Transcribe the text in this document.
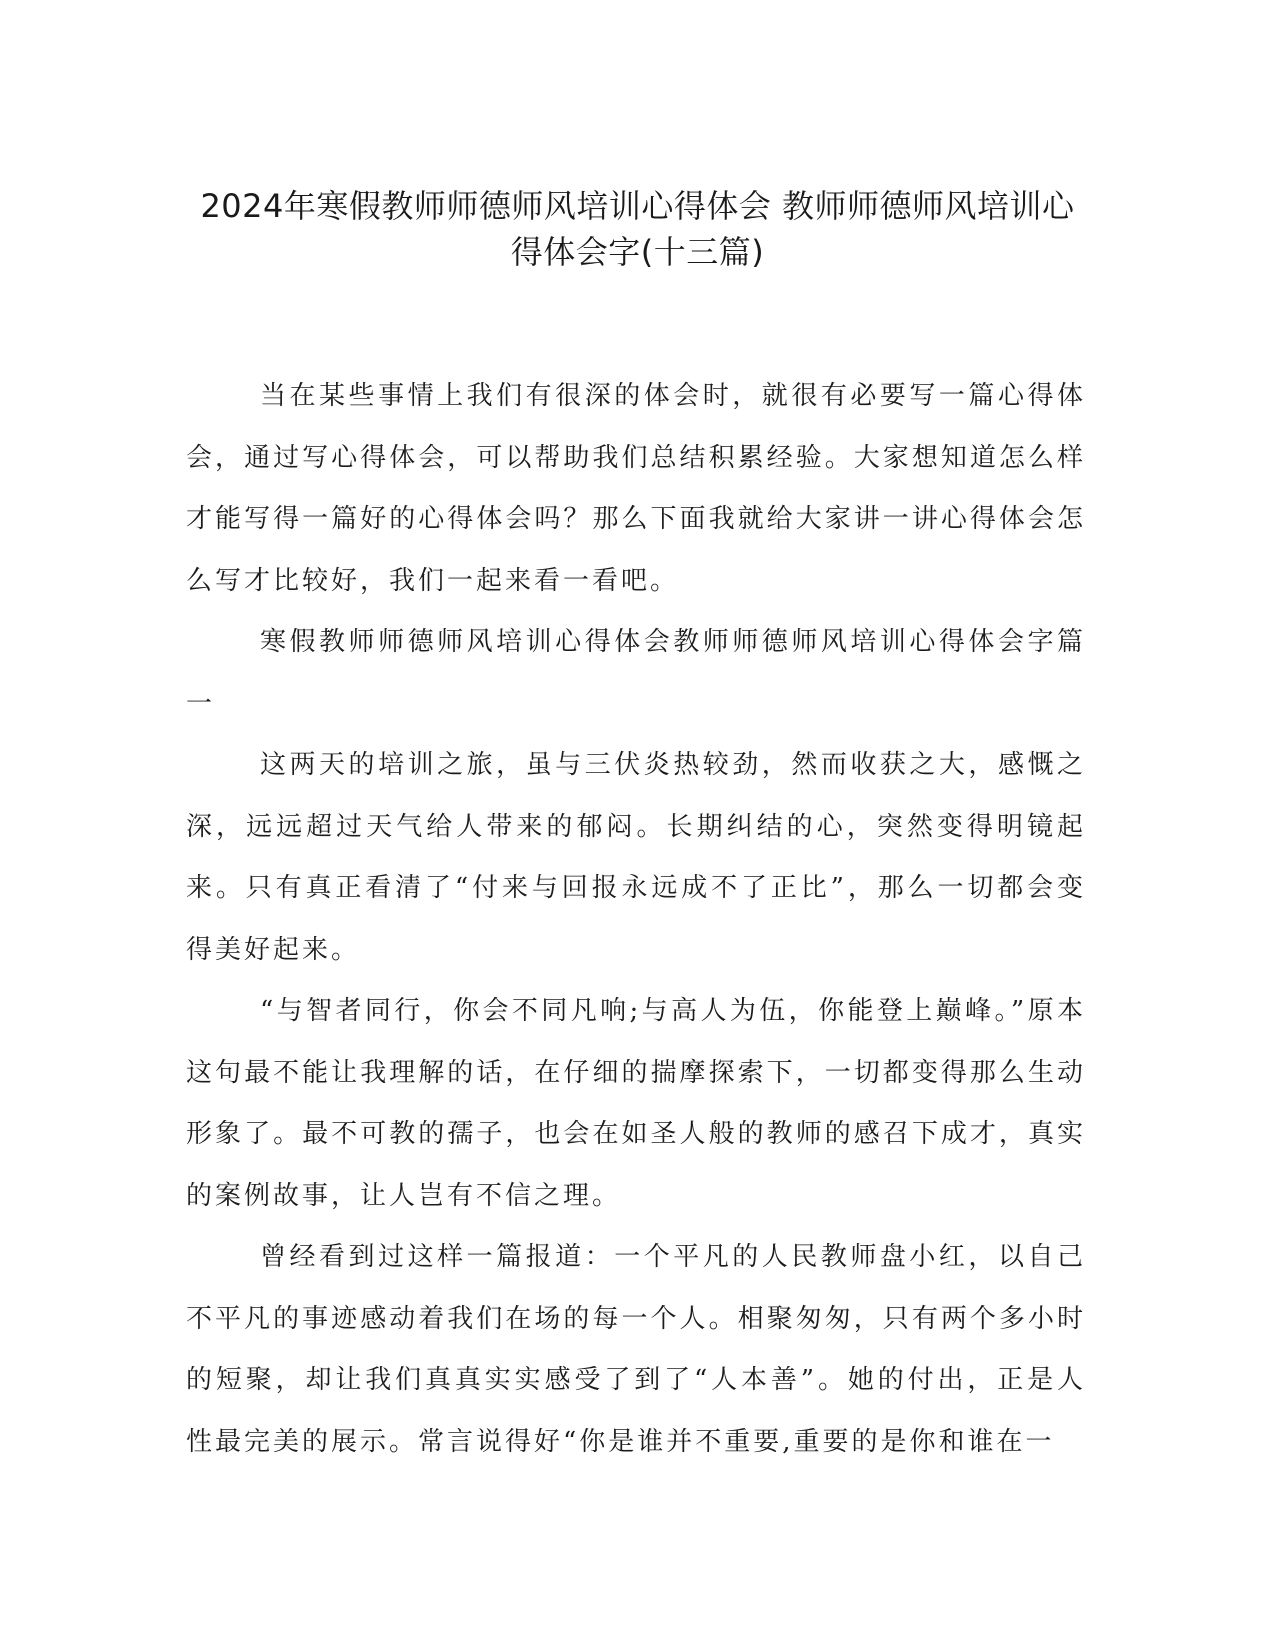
2024年寒假教师师德师风培训心得体会 教师师德师风培训心
得体会字(十三篇)

当在某些事情上我们有很深的体会时，就很有必要写一篇心得体会，通过写心得体会，可以帮助我们总结积累经验。大家想知道怎么样才能写得一篇好的心得体会吗？那么下面我就给大家讲一讲心得体会怎么写才比较好，我们一起来看一看吧。

寒假教师师德师风培训心得体会教师师德师风培训心得体会字篇一

这两天的培训之旅，虽与三伏炎热较劲，然而收获之大，感慨之深，远远超过天气给人带来的郁闷。长期纠结的心，突然变得明镜起来。只有真正看清了“付来与回报永远成不了正比”，那么一切都会变得美好起来。

“与智者同行，你会不同凡响;与高人为伍，你能登上巅峰。”原本这句最不能让我理解的话，在仔细的揣摩探索下，一切都变得那么生动形象了。最不可教的孺子，也会在如圣人般的教师的感召下成才，真实的案例故事，让人岂有不信之理。

曾经看到过这样一篇报道：一个平凡的人民教师盘小红，以自己不平凡的事迹感动着我们在场的每一个人。相聚匆匆，只有两个多小时的短聚，却让我们真真实实感受了到了“人本善”。她的付出，正是人性最完美的展示。常言说得好“你是谁并不重要,重要的是你和谁在一
